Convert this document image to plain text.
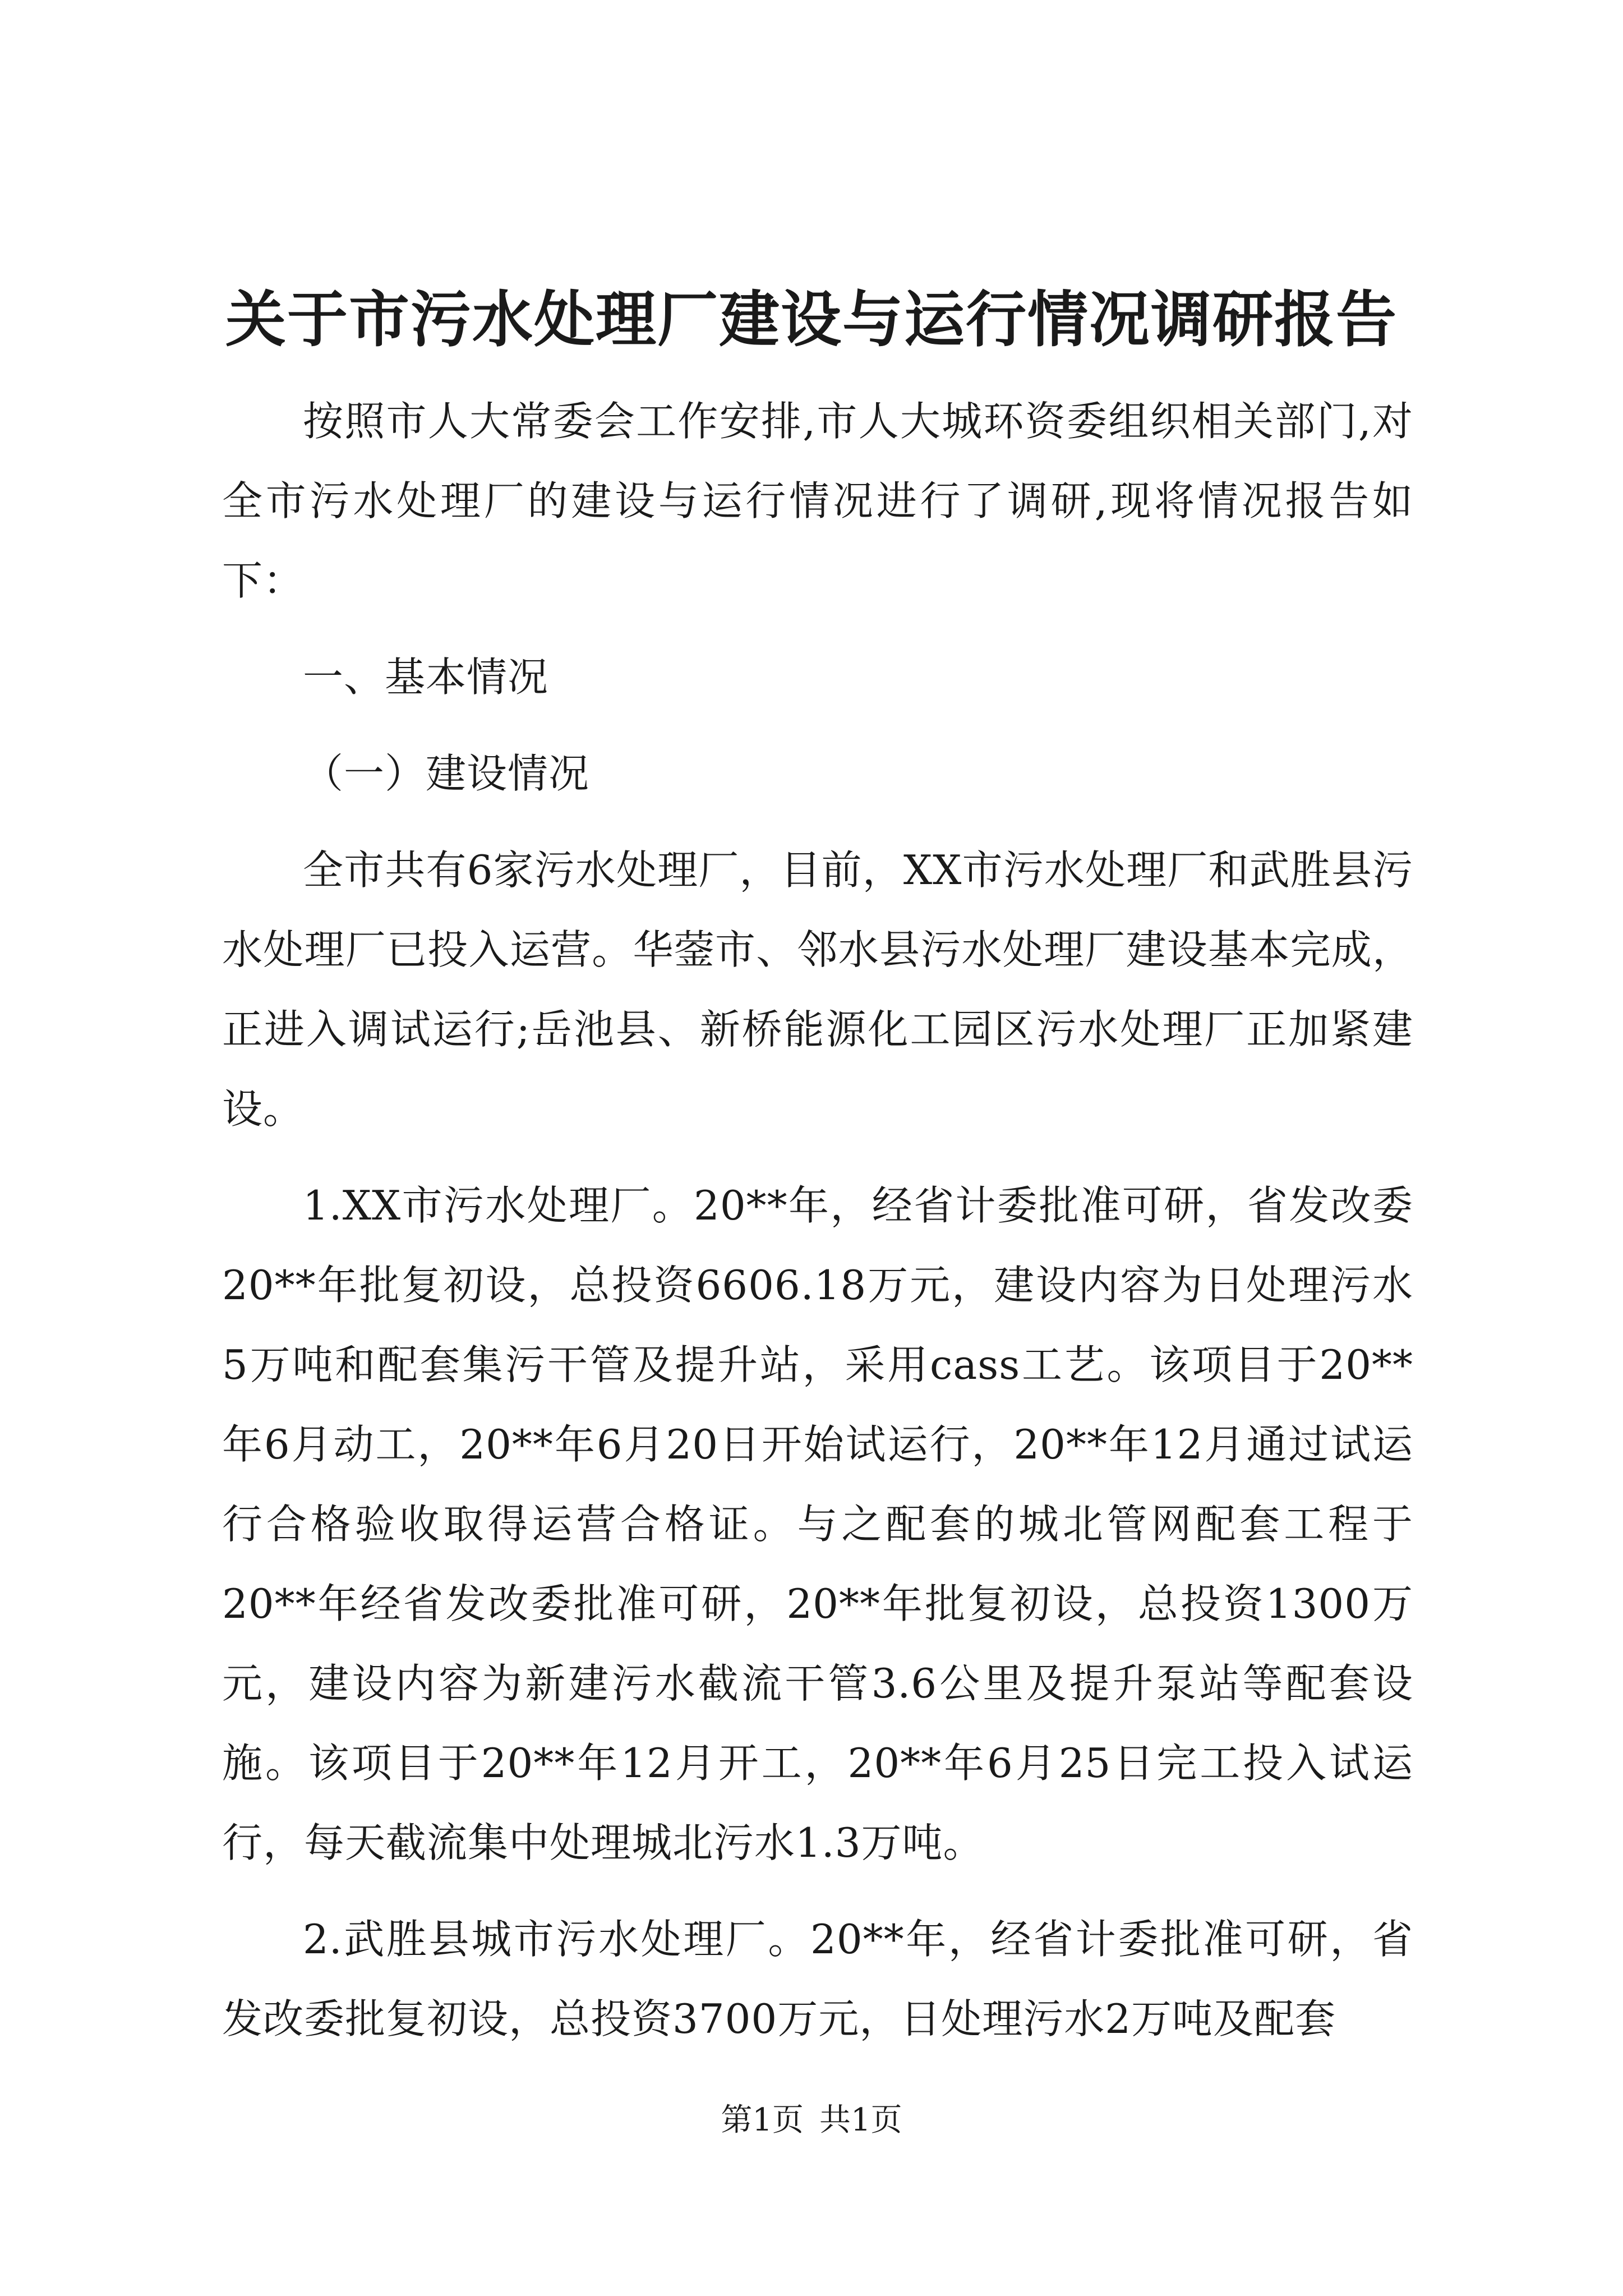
关于市污水处理厂建设与运行情况调研报告

按照市人大常委会工作安排,市人大城环资委组织相关部门,对全市污水处理厂的建设与运行情况进行了调研,现将情况报告如下：

一、基本情况

（一）建设情况

全市共有6家污水处理厂，目前，XX市污水处理厂和武胜县污水处理厂已投入运营。华蓥市、邻水县污水处理厂建设基本完成，正进入调试运行;岳池县、新桥能源化工园区污水处理厂正加紧建设。

1.XX市污水处理厂。20**年，经省计委批准可研，省发改委20**年批复初设，总投资6606.18万元，建设内容为日处理污水5万吨和配套集污干管及提升站，采用cass工艺。该项目于20**年6月动工，20**年6月20日开始试运行，20**年12月通过试运行合格验收取得运营合格证。与之配套的城北管网配套工程于20**年经省发改委批准可研，20**年批复初设，总投资1300万元，建设内容为新建污水截流干管3.6公里及提升泵站等配套设施。该项目于20**年12月开工，20**年6月25日完工投入试运行，每天截流集中处理城北污水1.3万吨。

2.武胜县城市污水处理厂。20**年，经省计委批准可研，省发改委批复初设，总投资3700万元，日处理污水2万吨及配套

第1页 共1页
